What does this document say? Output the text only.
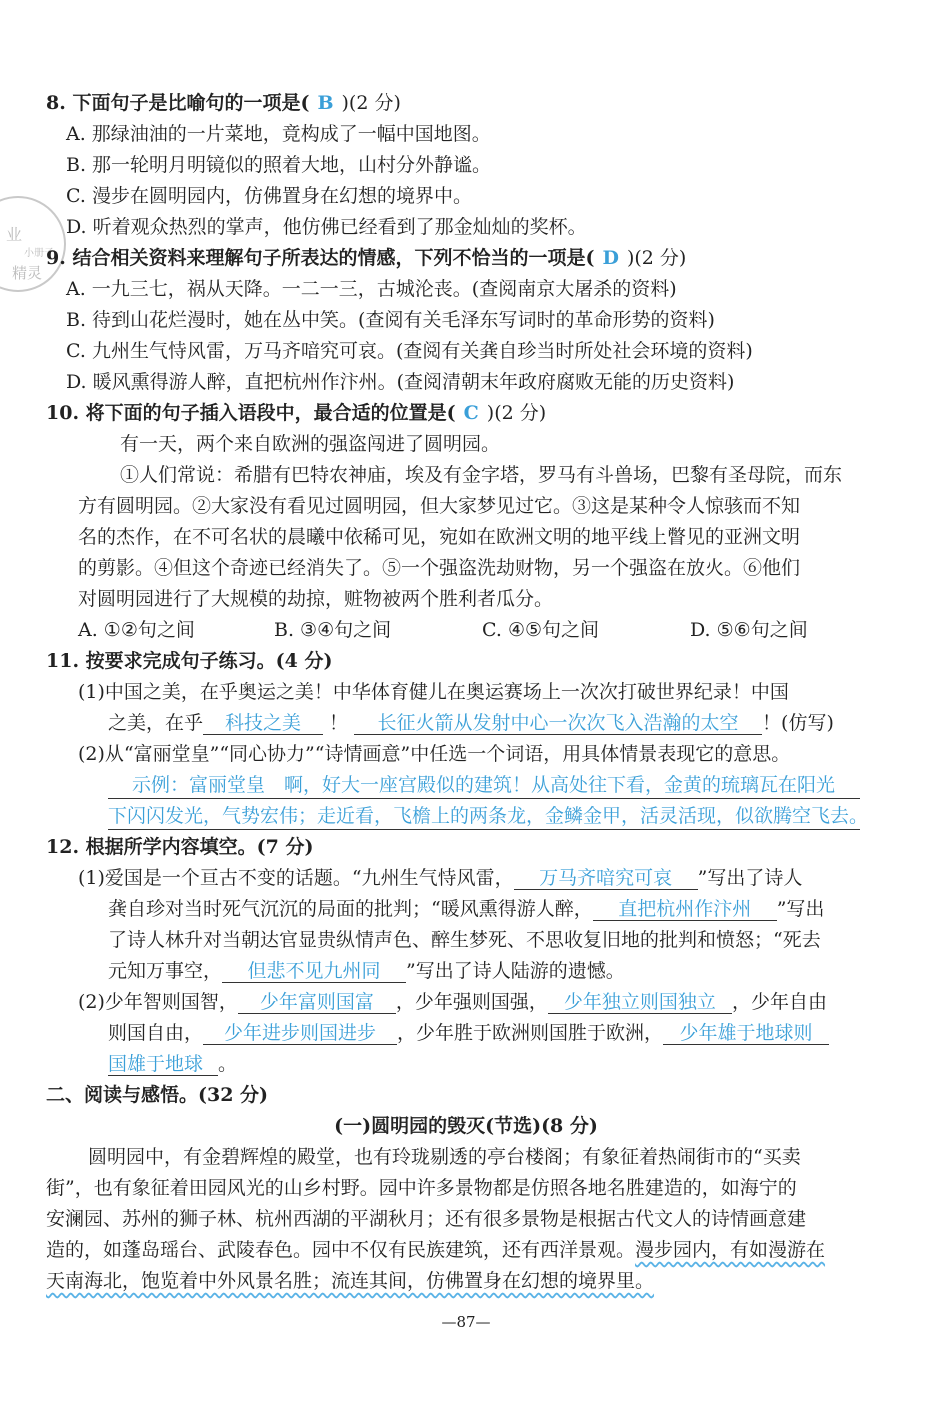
业
小册子
精灵
8. 下面句子是比喻句的一项是( B )(2 分)
A. 那绿油油的一片菜地，竟构成了一幅中国地图。
B. 那一轮明月明镜似的照着大地，山村分外静谧。
C. 漫步在圆明园内，仿佛置身在幻想的境界中。
D. 听着观众热烈的掌声，他仿佛已经看到了那金灿灿的奖杯。
9. 结合相关资料来理解句子所表达的情感，下列不恰当的一项是( D )(2 分)
A. 一九三七，祸从天降。一二一三，古城沦丧。(查阅南京大屠杀的资料)
B. 待到山花烂漫时，她在丛中笑。(查阅有关毛泽东写词时的革命形势的资料)
C. 九州生气恃风雷，万马齐喑究可哀。(查阅有关龚自珍当时所处社会环境的资料)
D. 暖风熏得游人醉，直把杭州作汴州。(查阅清朝末年政府腐败无能的历史资料)
10. 将下面的句子插入语段中，最合适的位置是( C )(2 分)
有一天，两个来自欧洲的强盗闯进了圆明园。
①人们常说：希腊有巴特农神庙，埃及有金字塔，罗马有斗兽场，巴黎有圣母院，而东
方有圆明园。②大家没有看见过圆明园，但大家梦见过它。③这是某种令人惊骇而不知
名的杰作，在不可名状的晨曦中依稀可见，宛如在欧洲文明的地平线上瞥见的亚洲文明
的剪影。④但这个奇迹已经消失了。⑤一个强盗洗劫财物，另一个强盗在放火。⑥他们
对圆明园进行了大规模的劫掠，赃物被两个胜利者瓜分。
A. ①②句之间	B. ③④句之间	C. ④⑤句之间	D. ⑤⑥句之间
11. 按要求完成句子练习。(4 分)
(1)中国之美，在乎奥运之美！中华体育健儿在奥运赛场上一次次打破世界纪录！中国
之美，在乎 科技之美 ！ 长征火箭从发射中心一次次飞入浩瀚的太空 ！(仿写)
(2)从“富丽堂皇”“同心协力”“诗情画意”中任选一个词语，用具体情景表现它的意思。
示例：富丽堂皇　啊，好大一座宫殿似的建筑！从高处往下看，金黄的琉璃瓦在阳光
下闪闪发光，气势宏伟；走近看，飞檐上的两条龙，金鳞金甲，活灵活现，似欲腾空飞去。
12. 根据所学内容填空。(7 分)
(1)爱国是一个亘古不变的话题。“九州生气恃风雷， 万马齐喑究可哀 ”写出了诗人
龚自珍对当时死气沉沉的局面的批判；“暖风熏得游人醉， 直把杭州作汴州 ”写出
了诗人林升对当朝达官显贵纵情声色、醉生梦死、不思收复旧地的批判和愤怒；“死去
元知万事空， 但悲不见九州同 ”写出了诗人陆游的遗憾。
(2)少年智则国智， 少年富则国富 ，少年强则国强， 少年独立则国独立 ，少年自由
则国自由， 少年进步则国进步 ，少年胜于欧洲则国胜于欧洲， 少年雄于地球则
国雄于地球 。
二、阅读与感悟。(32 分)
(一)圆明园的毁灭(节选)(8 分)
圆明园中，有金碧辉煌的殿堂，也有玲珑剔透的亭台楼阁；有象征着热闹街市的“买卖
街”，也有象征着田园风光的山乡村野。园中许多景物都是仿照各地名胜建造的，如海宁的
安澜园、苏州的狮子林、杭州西湖的平湖秋月；还有很多景物是根据古代文人的诗情画意建
造的，如蓬岛瑶台、武陵春色。园中不仅有民族建筑，还有西洋景观。漫步园内，有如漫游在
天南海北，饱览着中外风景名胜；流连其间，仿佛置身在幻想的境界里。
—87—
